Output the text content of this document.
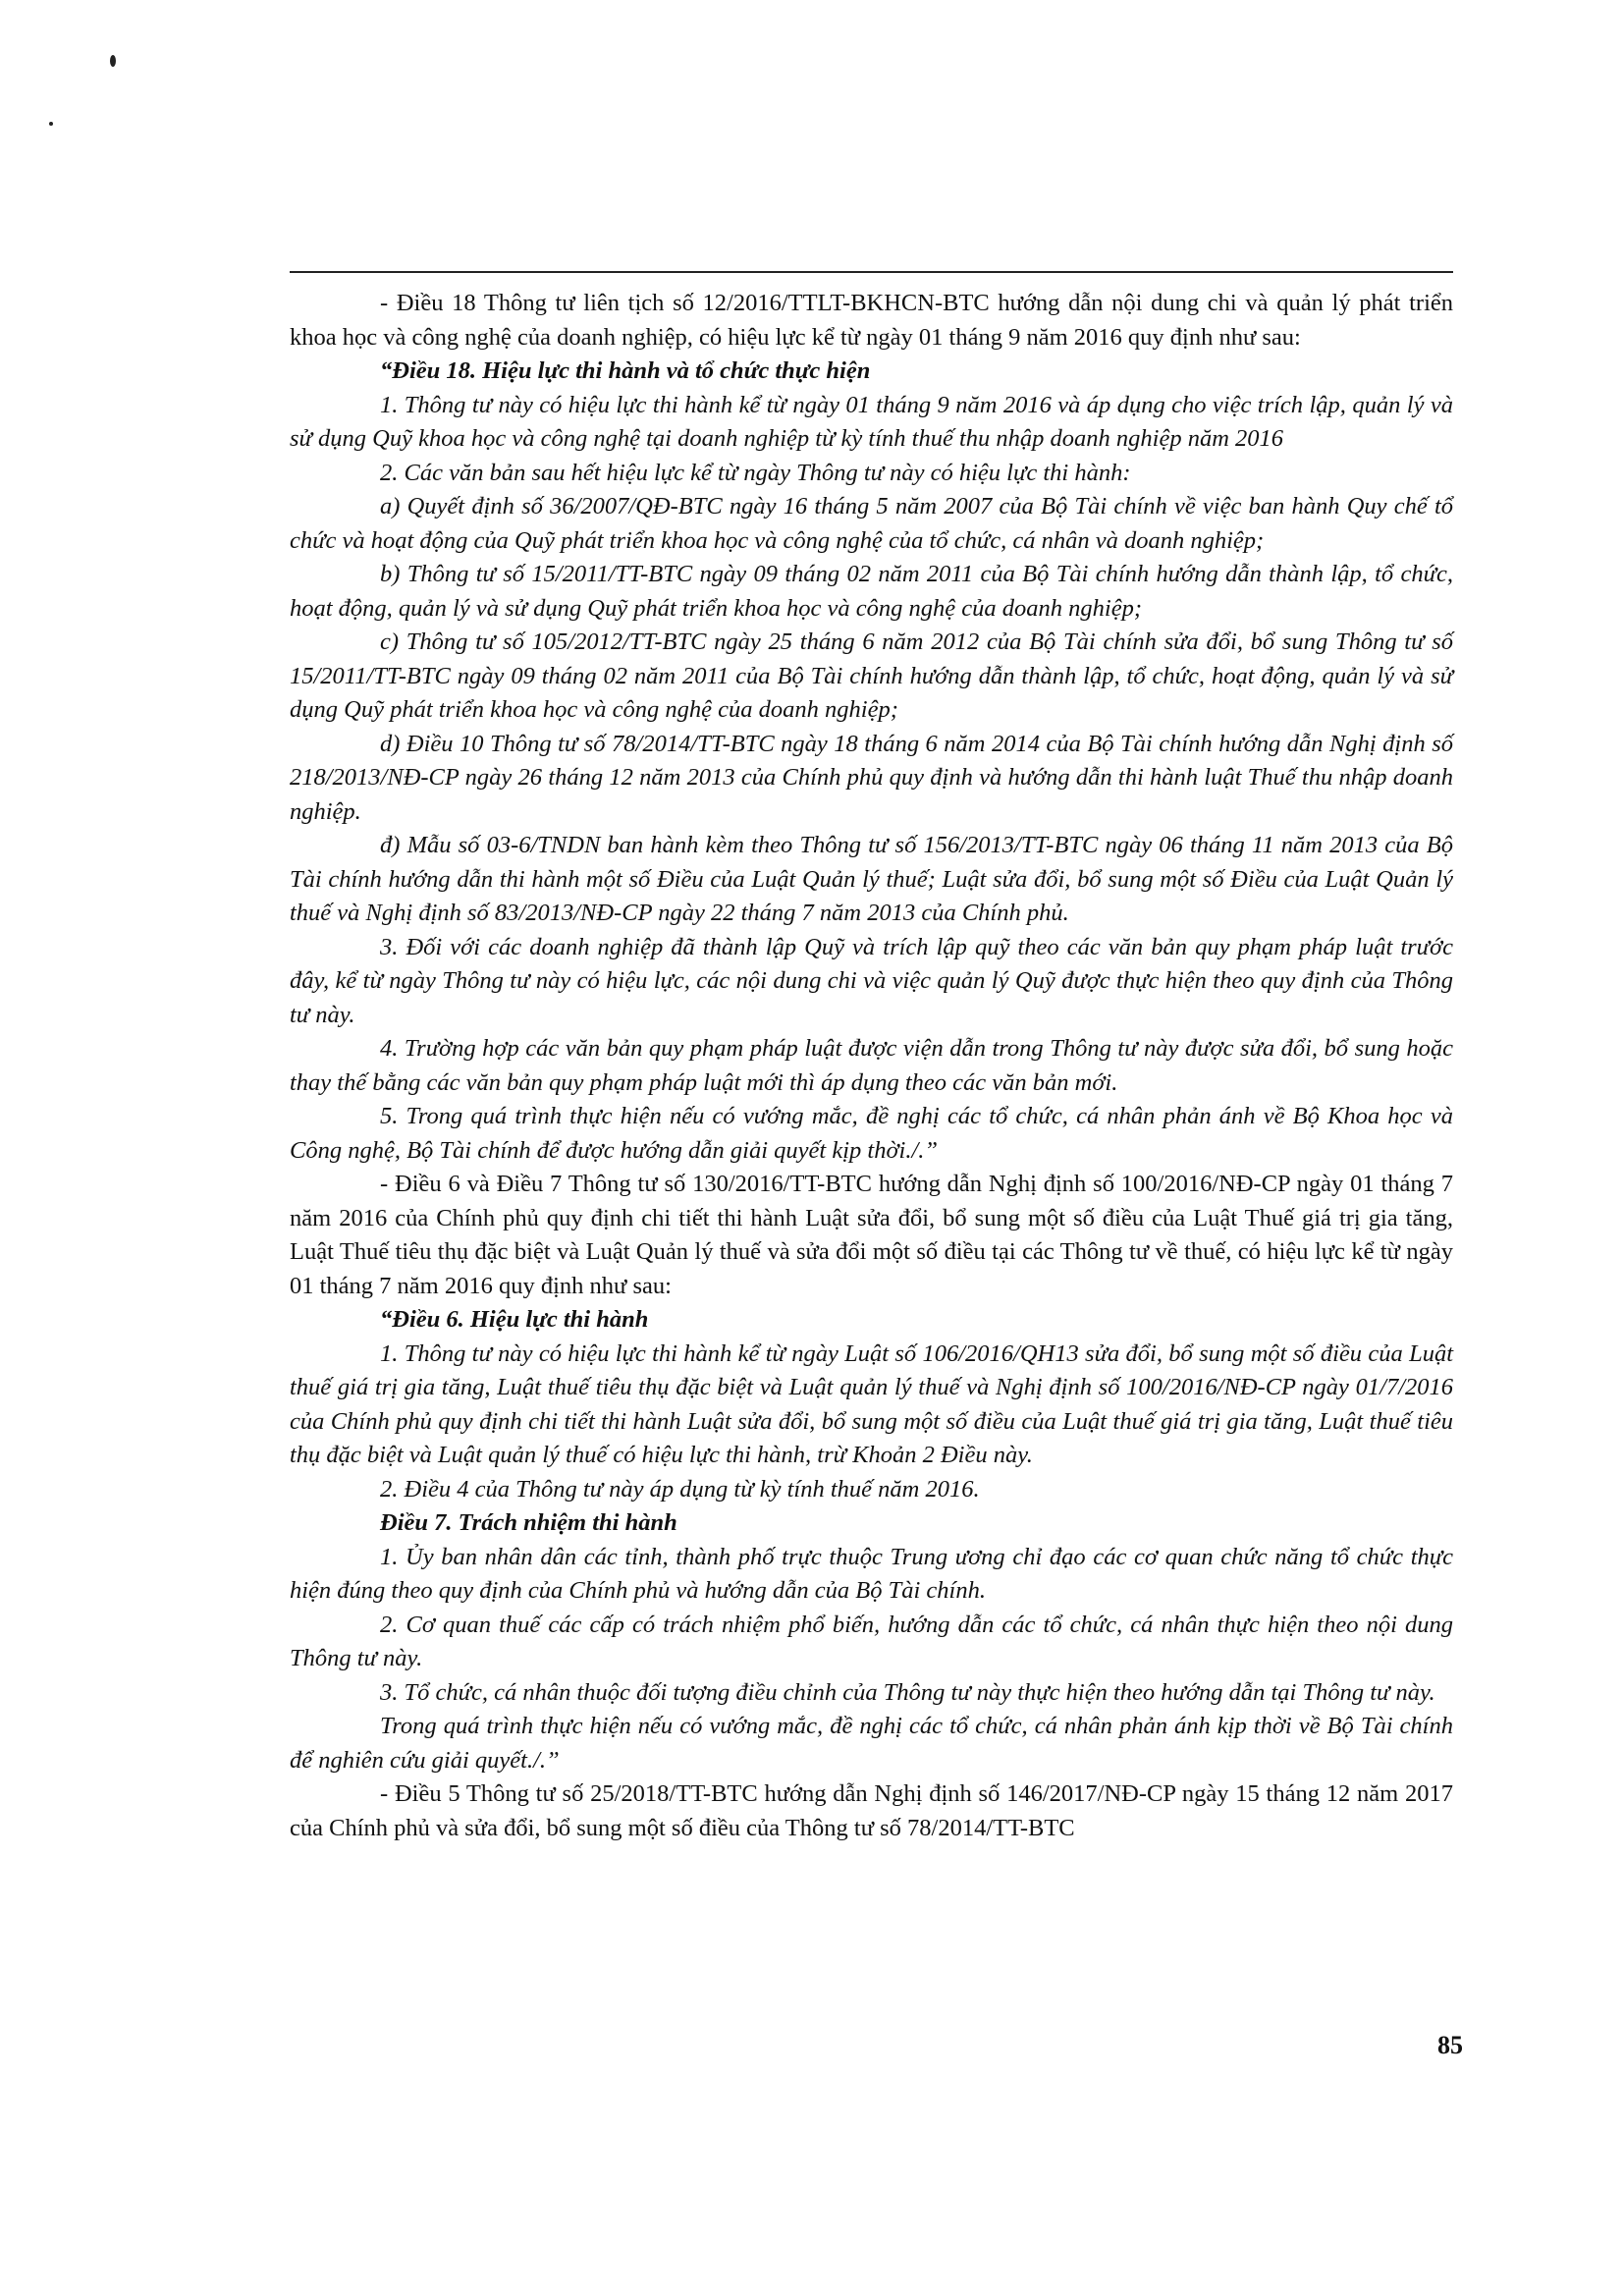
- Điều 18 Thông tư liên tịch số 12/2016/TTLT-BKHCN-BTC hướng dẫn nội dung chi và quản lý phát triển khoa học và công nghệ của doanh nghiệp, có hiệu lực kể từ ngày 01 tháng 9 năm 2016 quy định như sau:

“Điều 18. Hiệu lực thi hành và tổ chức thực hiện

1. Thông tư này có hiệu lực thi hành kể từ ngày 01 tháng 9 năm 2016 và áp dụng cho việc trích lập, quản lý và sử dụng Quỹ khoa học và công nghệ tại doanh nghiệp từ kỳ tính thuế thu nhập doanh nghiệp năm 2016

2. Các văn bản sau hết hiệu lực kể từ ngày Thông tư này có hiệu lực thi hành:

a) Quyết định số 36/2007/QĐ-BTC ngày 16 tháng 5 năm 2007 của Bộ Tài chính về việc ban hành Quy chế tổ chức và hoạt động của Quỹ phát triển khoa học và công nghệ của tổ chức, cá nhân và doanh nghiệp;

b) Thông tư số 15/2011/TT-BTC ngày 09 tháng 02 năm 2011 của Bộ Tài chính hướng dẫn thành lập, tổ chức, hoạt động, quản lý và sử dụng Quỹ phát triển khoa học và công nghệ của doanh nghiệp;

c) Thông tư số 105/2012/TT-BTC ngày 25 tháng 6 năm 2012 của Bộ Tài chính sửa đổi, bổ sung Thông tư số 15/2011/TT-BTC ngày 09 tháng 02 năm 2011 của Bộ Tài chính hướng dẫn thành lập, tổ chức, hoạt động, quản lý và sử dụng Quỹ phát triển khoa học và công nghệ của doanh nghiệp;

d) Điều 10 Thông tư số 78/2014/TT-BTC ngày 18 tháng 6 năm 2014 của Bộ Tài chính hướng dẫn Nghị định số 218/2013/NĐ-CP ngày 26 tháng 12 năm 2013 của Chính phủ quy định và hướng dẫn thi hành luật Thuế thu nhập doanh nghiệp.

đ) Mẫu số 03-6/TNDN ban hành kèm theo Thông tư số 156/2013/TT-BTC ngày 06 tháng 11 năm 2013 của Bộ Tài chính hướng dẫn thi hành một số Điều của Luật Quản lý thuế; Luật sửa đổi, bổ sung một số Điều của Luật Quản lý thuế và Nghị định số 83/2013/NĐ-CP ngày 22 tháng 7 năm 2013 của Chính phủ.

3. Đối với các doanh nghiệp đã thành lập Quỹ và trích lập quỹ theo các văn bản quy phạm pháp luật trước đây, kể từ ngày Thông tư này có hiệu lực, các nội dung chi và việc quản lý Quỹ được thực hiện theo quy định của Thông tư này.

4. Trường hợp các văn bản quy phạm pháp luật được viện dẫn trong Thông tư này được sửa đổi, bổ sung hoặc thay thế bằng các văn bản quy phạm pháp luật mới thì áp dụng theo các văn bản mới.

5. Trong quá trình thực hiện nếu có vướng mắc, đề nghị các tổ chức, cá nhân phản ánh về Bộ Khoa học và Công nghệ, Bộ Tài chính để được hướng dẫn giải quyết kịp thời./.”

- Điều 6 và Điều 7 Thông tư số 130/2016/TT-BTC hướng dẫn Nghị định số 100/2016/NĐ-CP ngày 01 tháng 7 năm 2016 của Chính phủ quy định chi tiết thi hành Luật sửa đổi, bổ sung một số điều của Luật Thuế giá trị gia tăng, Luật Thuế tiêu thụ đặc biệt và Luật Quản lý thuế và sửa đổi một số điều tại các Thông tư về thuế, có hiệu lực kể từ ngày 01 tháng 7 năm 2016 quy định như sau:

“Điều 6. Hiệu lực thi hành

1. Thông tư này có hiệu lực thi hành kể từ ngày Luật số 106/2016/QH13 sửa đổi, bổ sung một số điều của Luật thuế giá trị gia tăng, Luật thuế tiêu thụ đặc biệt và Luật quản lý thuế và Nghị định số 100/2016/NĐ-CP ngày 01/7/2016 của Chính phủ quy định chi tiết thi hành Luật sửa đổi, bổ sung một số điều của Luật thuế giá trị gia tăng, Luật thuế tiêu thụ đặc biệt và Luật quản lý thuế có hiệu lực thi hành, trừ Khoản 2 Điều này.

2. Điều 4 của Thông tư này áp dụng từ kỳ tính thuế năm 2016.

Điều 7. Trách nhiệm thi hành

1. Ủy ban nhân dân các tỉnh, thành phố trực thuộc Trung ương chỉ đạo các cơ quan chức năng tổ chức thực hiện đúng theo quy định của Chính phủ và hướng dẫn của Bộ Tài chính.

2. Cơ quan thuế các cấp có trách nhiệm phổ biến, hướng dẫn các tổ chức, cá nhân thực hiện theo nội dung Thông tư này.

3. Tổ chức, cá nhân thuộc đối tượng điều chỉnh của Thông tư này thực hiện theo hướng dẫn tại Thông tư này.

Trong quá trình thực hiện nếu có vướng mắc, đề nghị các tổ chức, cá nhân phản ánh kịp thời về Bộ Tài chính để nghiên cứu giải quyết./.”

- Điều 5 Thông tư số 25/2018/TT-BTC hướng dẫn Nghị định số 146/2017/NĐ-CP ngày 15 tháng 12 năm 2017 của Chính phủ và sửa đổi, bổ sung một số điều của Thông tư số 78/2014/TT-BTC

85
